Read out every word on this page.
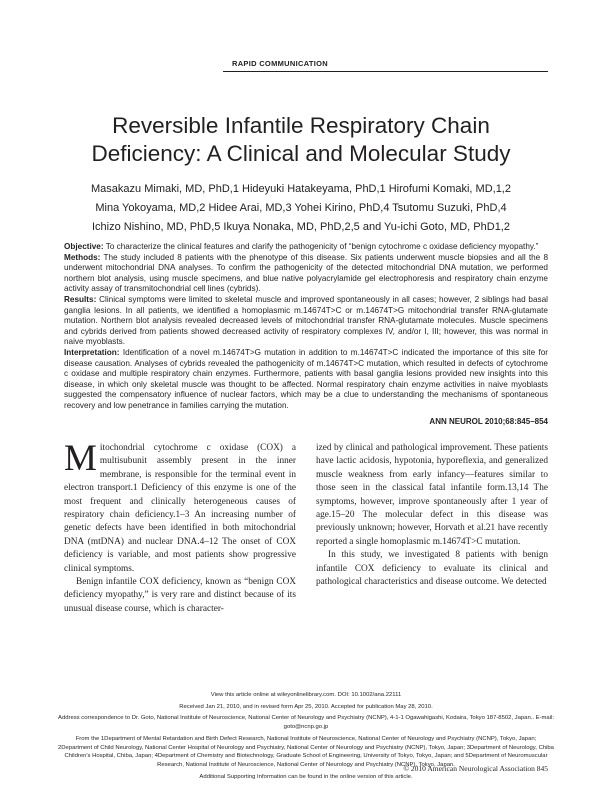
RAPID COMMUNICATION
Reversible Infantile Respiratory Chain
Deficiency: A Clinical and Molecular Study
Masakazu Mimaki, MD, PhD,1 Hideyuki Hatakeyama, PhD,1 Hirofumi Komaki, MD,1,2
Mina Yokoyama, MD,2 Hidee Arai, MD,3 Yohei Kirino, PhD,4 Tsutomu Suzuki, PhD,4
Ichizo Nishino, MD, PhD,5 Ikuya Nonaka, MD, PhD,2,5 and Yu-ichi Goto, MD, PhD1,2
Objective: To characterize the clinical features and clarify the pathogenicity of “benign cytochrome c oxidase deficiency myopathy.”
Methods: The study included 8 patients with the phenotype of this disease. Six patients underwent muscle biopsies and all the 8 underwent mitochondrial DNA analyses. To confirm the pathogenicity of the detected mitochondrial DNA mutation, we performed northern blot analysis, using muscle specimens, and blue native polyacrylamide gel electrophoresis and respiratory chain enzyme activity assay of transmitochondrial cell lines (cybrids).
Results: Clinical symptoms were limited to skeletal muscle and improved spontaneously in all cases; however, 2 siblings had basal ganglia lesions. In all patients, we identified a homoplasmic m.14674T>C or m.14674T>G mitochondrial transfer RNA-glutamate mutation. Northern blot analysis revealed decreased levels of mitochondrial transfer RNA-glutamate molecules. Muscle specimens and cybrids derived from patients showed decreased activity of respiratory complexes IV, and/or I, III; however, this was normal in naive myoblasts.
Interpretation: Identification of a novel m.14674T>G mutation in addition to m.14674T>C indicated the importance of this site for disease causation. Analyses of cybrids revealed the pathogenicity of m.14674T>C mutation, which resulted in defects of cytochrome c oxidase and multiple respiratory chain enzymes. Furthermore, patients with basal ganglia lesions provided new insights into this disease, in which only skeletal muscle was thought to be affected. Normal respiratory chain enzyme activities in naive myoblasts suggested the compensatory influence of nuclear factors, which may be a clue to understanding the mechanisms of spontaneous recovery and low penetrance in families carrying the mutation.
ANN NEUROL 2010;68:845–854

Mitochondrial cytochrome c oxidase (COX) a multisubunit assembly present in the inner membrane, is responsible for the terminal event in electron transport.1 Deficiency of this enzyme is one of the most frequent and clinically heterogeneous causes of respiratory chain deficiency.1–3 An increasing number of genetic defects have been identified in both mitochondrial DNA (mtDNA) and nuclear DNA.4–12 The onset of COX deficiency is variable, and most patients show progressive clinical symptoms.

Benign infantile COX deficiency, known as “benign COX deficiency myopathy,” is very rare and distinct because of its unusual disease course, which is character-

ized by clinical and pathological improvement. These patients have lactic acidosis, hypotonia, hyporeflexia, and generalized muscle weakness from early infancy—features similar to those seen in the classical fatal infantile form.13,14 The symptoms, however, improve spontaneously after 1 year of age.15–20 The molecular defect in this disease was previously unknown; however, Horvath et al.21 have recently reported a single homoplasmic m.14674T>C mutation.

In this study, we investigated 8 patients with benign infantile COX deficiency to evaluate its clinical and pathological characteristics and disease outcome. We detected

View this article online at wileyonlinelibrary.com. DOI: 10.1002/ana.22111

Received Jan 21, 2010, and in revised form Apr 25, 2010. Accepted for publication May 28, 2010.

Address correspondence to Dr. Goto, National Institute of Neuroscience, National Center of Neurology and Psychiatry (NCNP), 4-1-1 Ogawahigashi, Kodaira, Tokyo 187-8502, Japan.. E-mail: goto@ncnp.go.jp

From the 1Department of Mental Retardation and Birth Defect Research, National Institute of Neuroscience, National Center of Neurology and Psychiatry (NCNP), Tokyo, Japan; 2Department of Child Neurology, National Center Hospital of Neurology and Psychiatry, National Center of Neurology and Psychiatry (NCNP), Tokyo, Japan; 3Department of Neurology, Chiba Children's Hospital, Chiba, Japan; 4Department of Chemistry and Biotechnology, Graduate School of Engineering, University of Tokyo, Tokyo, Japan; and 5Department of Neuromuscular Research, National Institute of Neuroscience, National Center of Neurology and Psychiatry (NCNP), Tokyo, Japan.

Additional Supporting Information can be found in the online version of this article.

© 2010 American Neurological Association 845
